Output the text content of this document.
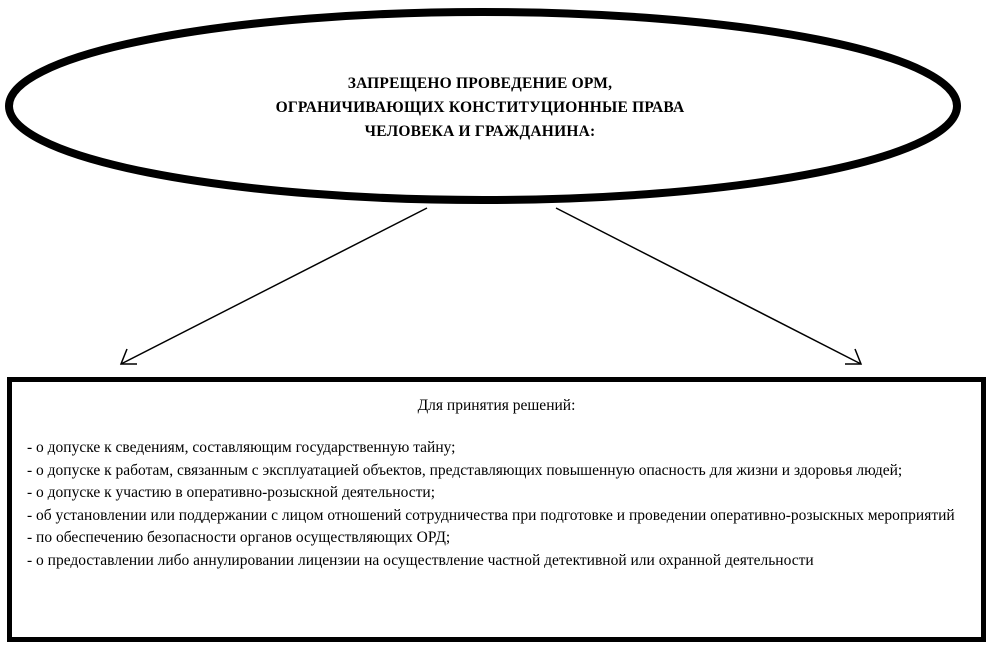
ЗАПРЕЩЕНО ПРОВЕДЕНИЕ ОРМ,
ОГРАНИЧИВАЮЩИХ КОНСТИТУЦИОННЫЕ ПРАВА
ЧЕЛОВЕКА И ГРАЖДАНИНА:
Для принятия решений:
- о допуске к сведениям, составляющим государственную тайну;
- о допуске к работам, связанным с эксплуатацией объектов, представляющих повышенную опасность для жизни и здоровья людей;
- о допуске к участию в оперативно-розыскной деятельности;
- об установлении или поддержании с лицом отношений сотрудничества при подготовке и проведении оперативно-розыскных мероприятий
- по обеспечению безопасности органов осуществляющих ОРД;
- о предоставлении либо аннулировании лицензии на осуществление частной детективной или охранной деятельности
